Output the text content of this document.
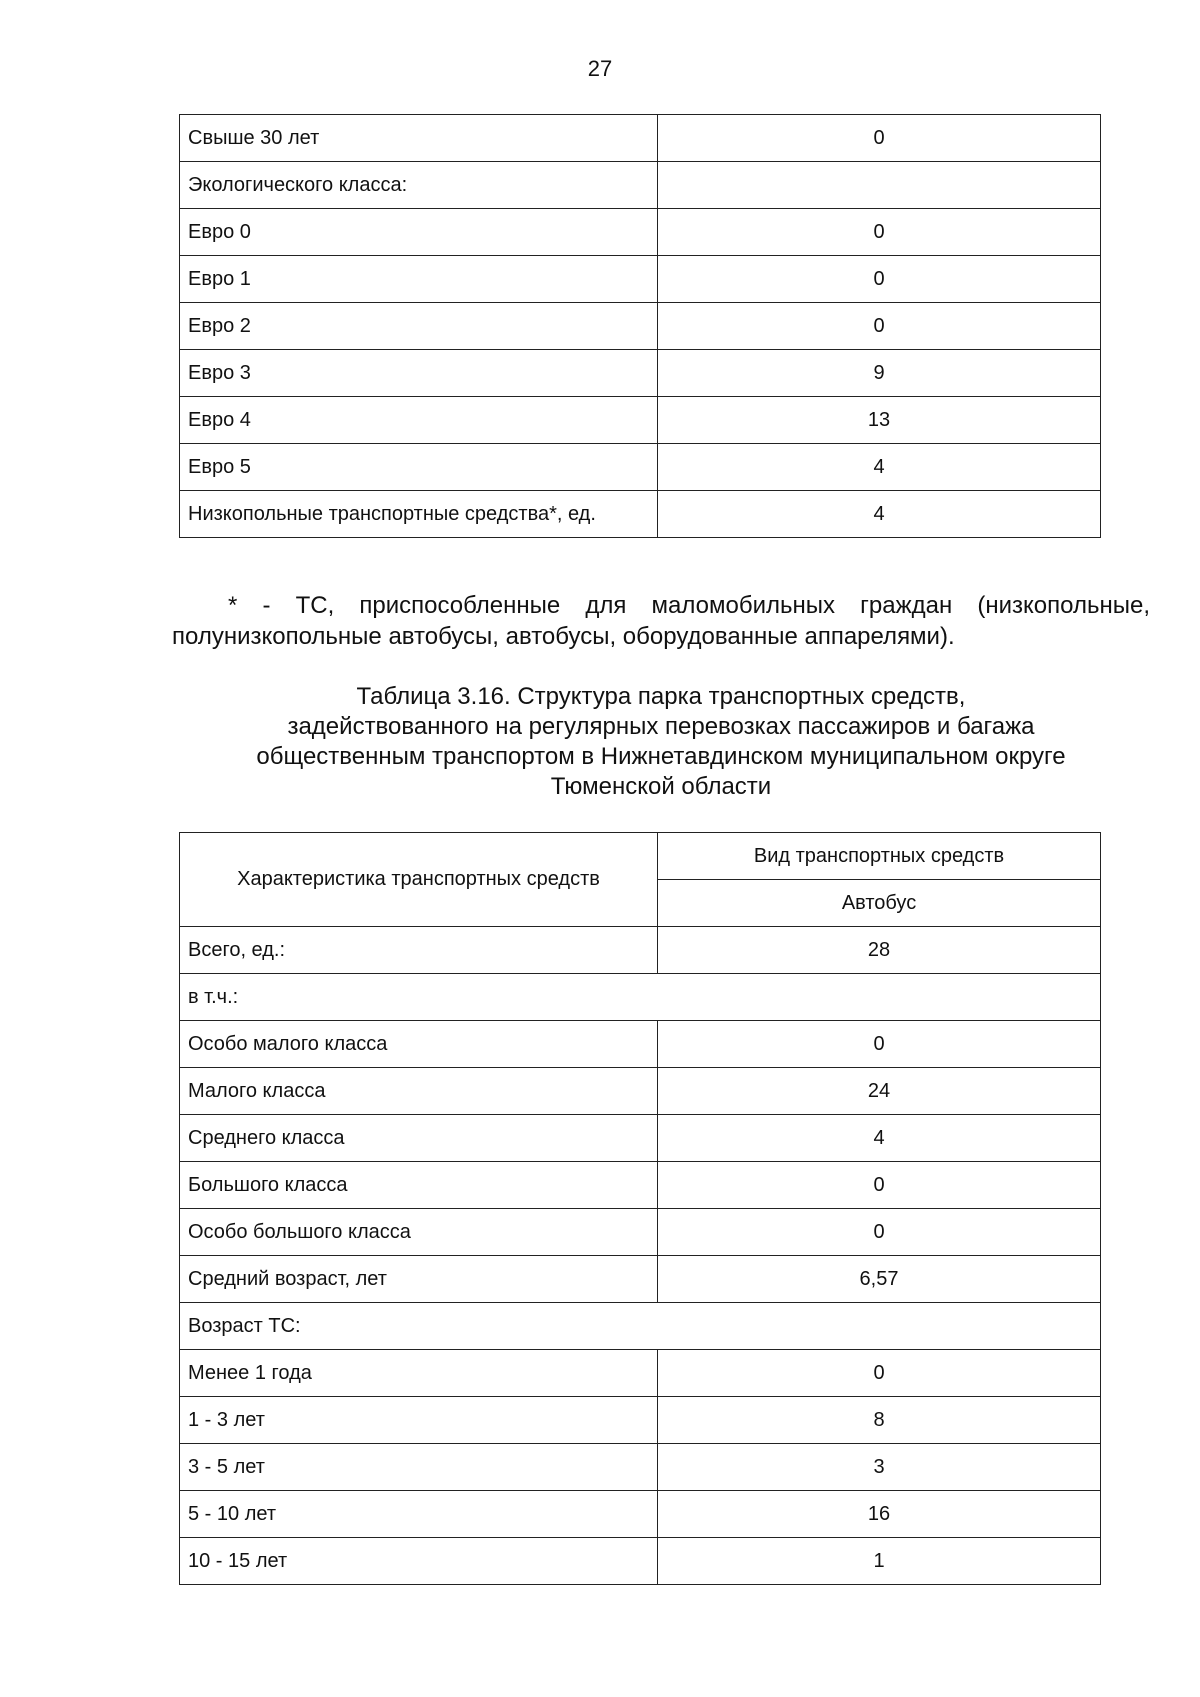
27
Свыше 30 лет	0
Экологического класса:	
Евро 0	0
Евро 1	0
Евро 2	0
Евро 3	9
Евро 4	13
Евро 5	4
Низкопольные транспортные средства*, ед.	4

* - ТС, приспособленные для маломобильных граждан (низкопольные, полунизкопольные автобусы, автобусы, оборудованные аппарелями).

Таблица 3.16. Структура парка транспортных средств,
задействованного на регулярных перевозках пассажиров и багажа
общественным транспортом в Нижнетавдинском муниципальном округе
Тюменской области
Характеристика транспортных средств	Вид транспортных средств
	Автобус
Всего, ед.:	28
в т.ч.:	
Особо малого класса	0
Малого класса	24
Среднего класса	4
Большого класса	0
Особо большого класса	0
Средний возраст, лет	6,57
Возраст ТС:	
Менее 1 года	0
1 - 3 лет	8
3 - 5 лет	3
5 - 10 лет	16
10 - 15 лет	1
